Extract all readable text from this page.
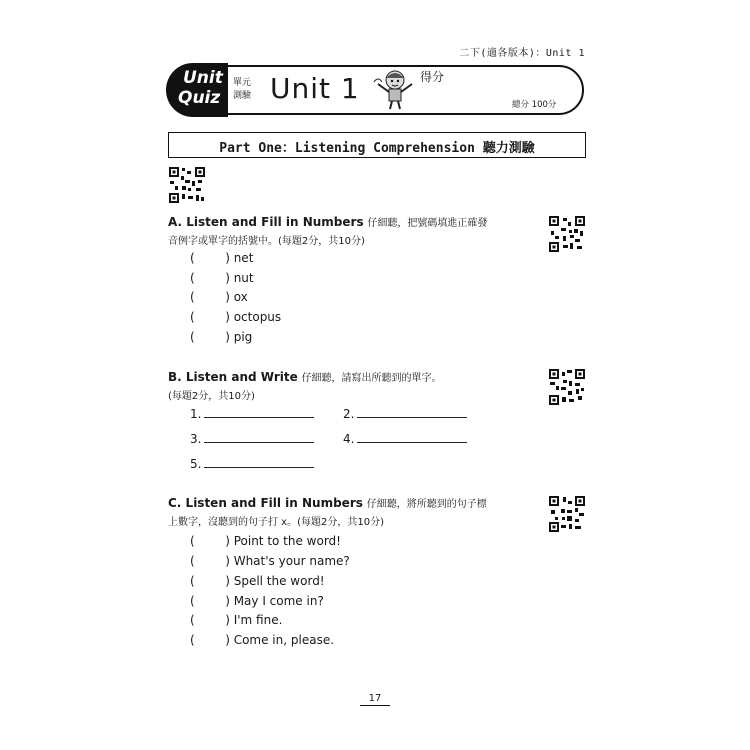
二下(適各版本)：Unit 1
Unit
Quiz
單元
測驗 Unit 1	得分
總分 100分
Part One：Listening Comprehension 聽力測驗
A. Listen and Fill in Numbers 仔細聽，把號碼填進正確發
音例字或單字的括號中。(每題2分，共10分)
(        ) net
(        ) nut
(        ) ox
(        ) octopus
(        ) pig
B. Listen and Write 仔細聽，請寫出所聽到的單字。
(每題2分，共10分)
1.	2.
3.	4.
5.
C. Listen and Fill in Numbers 仔細聽，將所聽到的句子標
上數字，沒聽到的句子打 x。(每題2分，共10分)
(        ) Point to the word!
(        ) What's your name?
(        ) Spell the word!
(        ) May I come in?
(        ) I'm fine.
(        ) Come in, please.
17
